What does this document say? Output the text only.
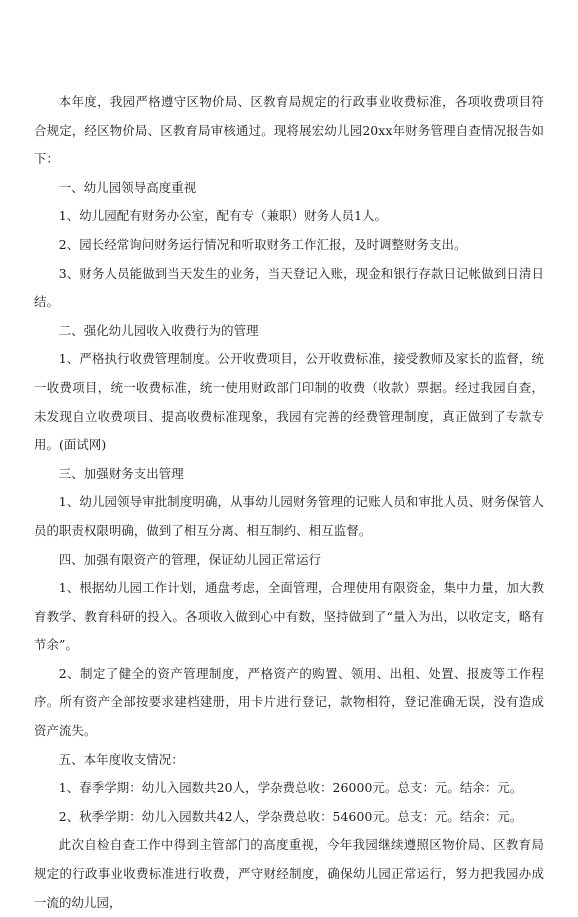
本年度，我园严格遵守区物价局、区教育局规定的行政事业收费标准，各项收费项目符合规定，经区物价局、区教育局审核通过。现将展宏幼儿园20xx年财务管理自查情况报告如下：

一、幼儿园领导高度重视

1、幼儿园配有财务办公室，配有专（兼职）财务人员1人。

2、园长经常询问财务运行情况和听取财务工作汇报，及时调整财务支出。

3、财务人员能做到当天发生的业务，当天登记入账，现金和银行存款日记帐做到日清日结。

二、强化幼儿园收入收费行为的管理

1、严格执行收费管理制度。公开收费项目，公开收费标准，接受教师及家长的监督，统一收费项目，统一收费标准，统一使用财政部门印制的收费（收款）票据。经过我园自查，未发现自立收费项目、提高收费标准现象，我园有完善的经费管理制度，真正做到了专款专用。(面试网)

三、加强财务支出管理

1、幼儿园领导审批制度明确，从事幼儿园财务管理的记账人员和审批人员、财务保管人员的职责权限明确，做到了相互分离、相互制约、相互监督。

四、加强有限资产的管理，保证幼儿园正常运行

1、根据幼儿园工作计划，通盘考虑，全面管理，合理使用有限资金，集中力量，加大教育教学、教育科研的投入。各项收入做到心中有数，坚持做到了“量入为出，以收定支，略有节余”。

2、制定了健全的资产管理制度，严格资产的购置、领用、出租、处置、报废等工作程序。所有资产全部按要求建档建册，用卡片进行登记，款物相符，登记准确无误，没有造成资产流失。

五、本年度收支情况：

1、春季学期：幼儿入园数共20人，学杂费总收：26000元。总支：元。结余：元。

2、秋季学期：幼儿入园数共42人，学杂费总收：54600元。总支：元。结余：元。

此次自检自查工作中得到主管部门的高度重视，今年我园继续遵照区物价局、区教育局规定的行政事业收费标准进行收费，严守财经制度，确保幼儿园正常运行，努力把我园办成一流的幼儿园，
